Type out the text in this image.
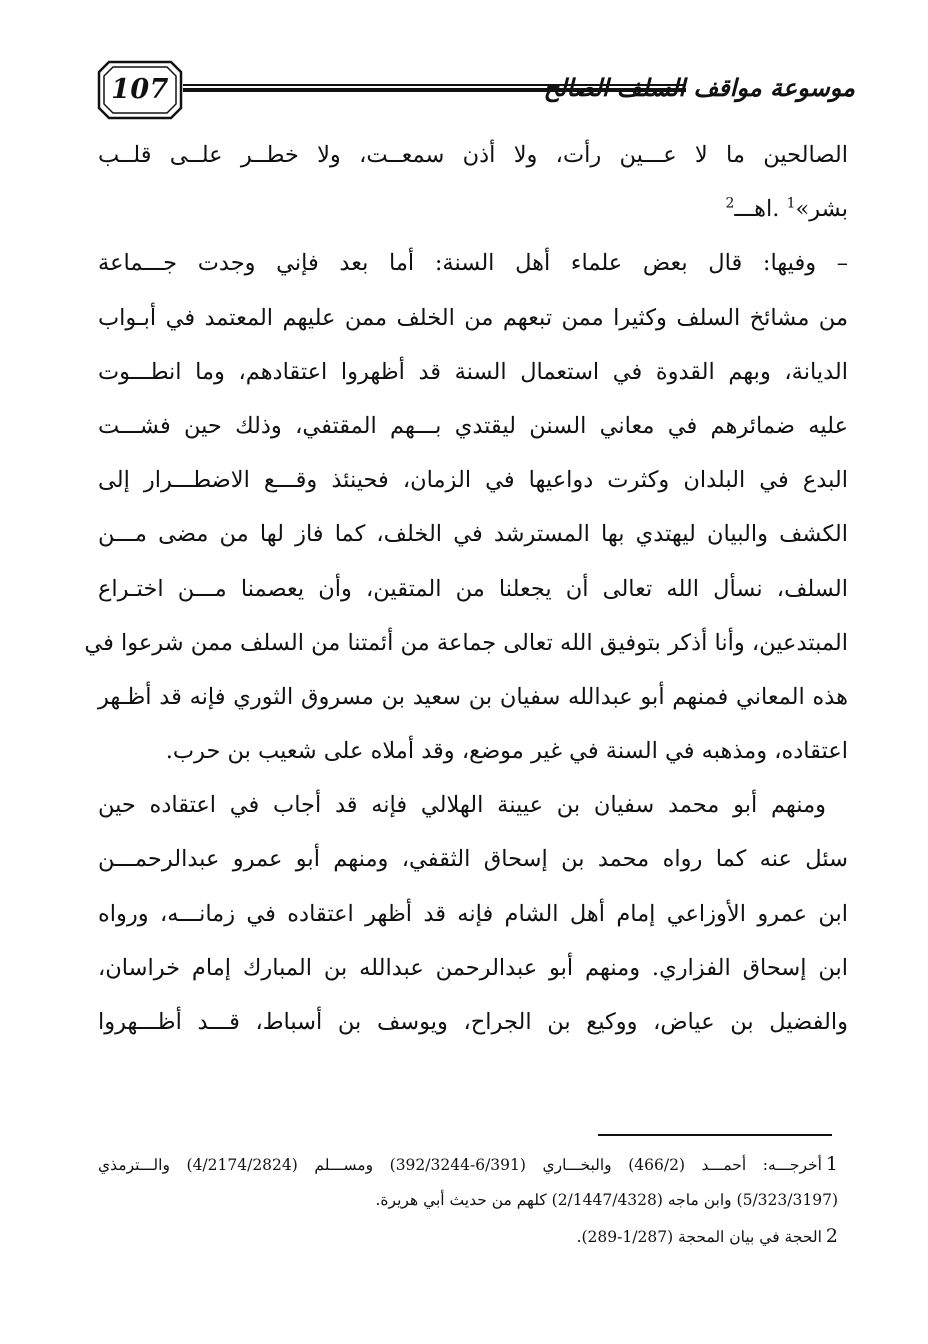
107	موسوعة مواقف السلف الصالح
الصالحين ما لا عـــين رأت، ولا أذن سمعــت، ولا خطــر علــى قلــب
بشر»$^1$ .اهـــ$^2$
– وفيها: قال بعض علماء أهل السنة: أما بعد فإني وجدت جـــماعة
من مشائخ السلف وكثيرا ممن تبعهم من الخلف ممن عليهم المعتمد في أبـواب
الديانة، وبهم القدوة في استعمال السنة قد أظهروا اعتقادهم، وما انطـــوت
عليه ضمائرهم في معاني السنن ليقتدي بـــهم المقتفي، وذلك حين فشـــت
البدع في البلدان وكثرت دواعيها في الزمان، فحينئذ وقـــع الاضطـــرار إلى
الكشف والبيان ليهتدي بها المسترشد في الخلف، كما فاز لها من مضى مـــن
السلف، نسأل الله تعالى أن يجعلنا من المتقين، وأن يعصمنا مـــن اختـراع
المبتدعين، وأنا أذكر بتوفيق الله تعالى جماعة من أئمتنا من السلف ممن شرعوا في
هذه المعاني فمنهم أبو عبدالله سفيان بن سعيد بن مسروق الثوري فإنه قد أظـهر
اعتقاده، ومذهبه في السنة في غير موضع، وقد أملاه على شعيب بن حرب.
ومنهم أبو محمد سفيان بن عيينة الهلالي فإنه قد أجاب في اعتقاده حين
سئل عنه كما رواه محمد بن إسحاق الثقفي، ومنهم أبو عمرو عبدالرحمـــن
ابن عمرو الأوزاعي إمام أهل الشام فإنه قد أظهر اعتقاده في زمانـــه، ورواه
ابن إسحاق الفزاري. ومنهم أبو عبدالرحمن عبدالله بن المبارك إمام خراسان،
والفضيل بن عياض، ووكيع بن الجراح، ويوسف بن أسباط، قـــد أظـــهروا
1أخرجـــه: أحمـــد (466/2) والبخـــاري (6/391-392/3244) ومســـلم (4/2174/2824) والـــترمذي
(5/323/3197) وابن ماجه (2/1447/4328) كلهم من حديث أبي هريرة.
2الحجة في بيان المحجة (1/287-289).
